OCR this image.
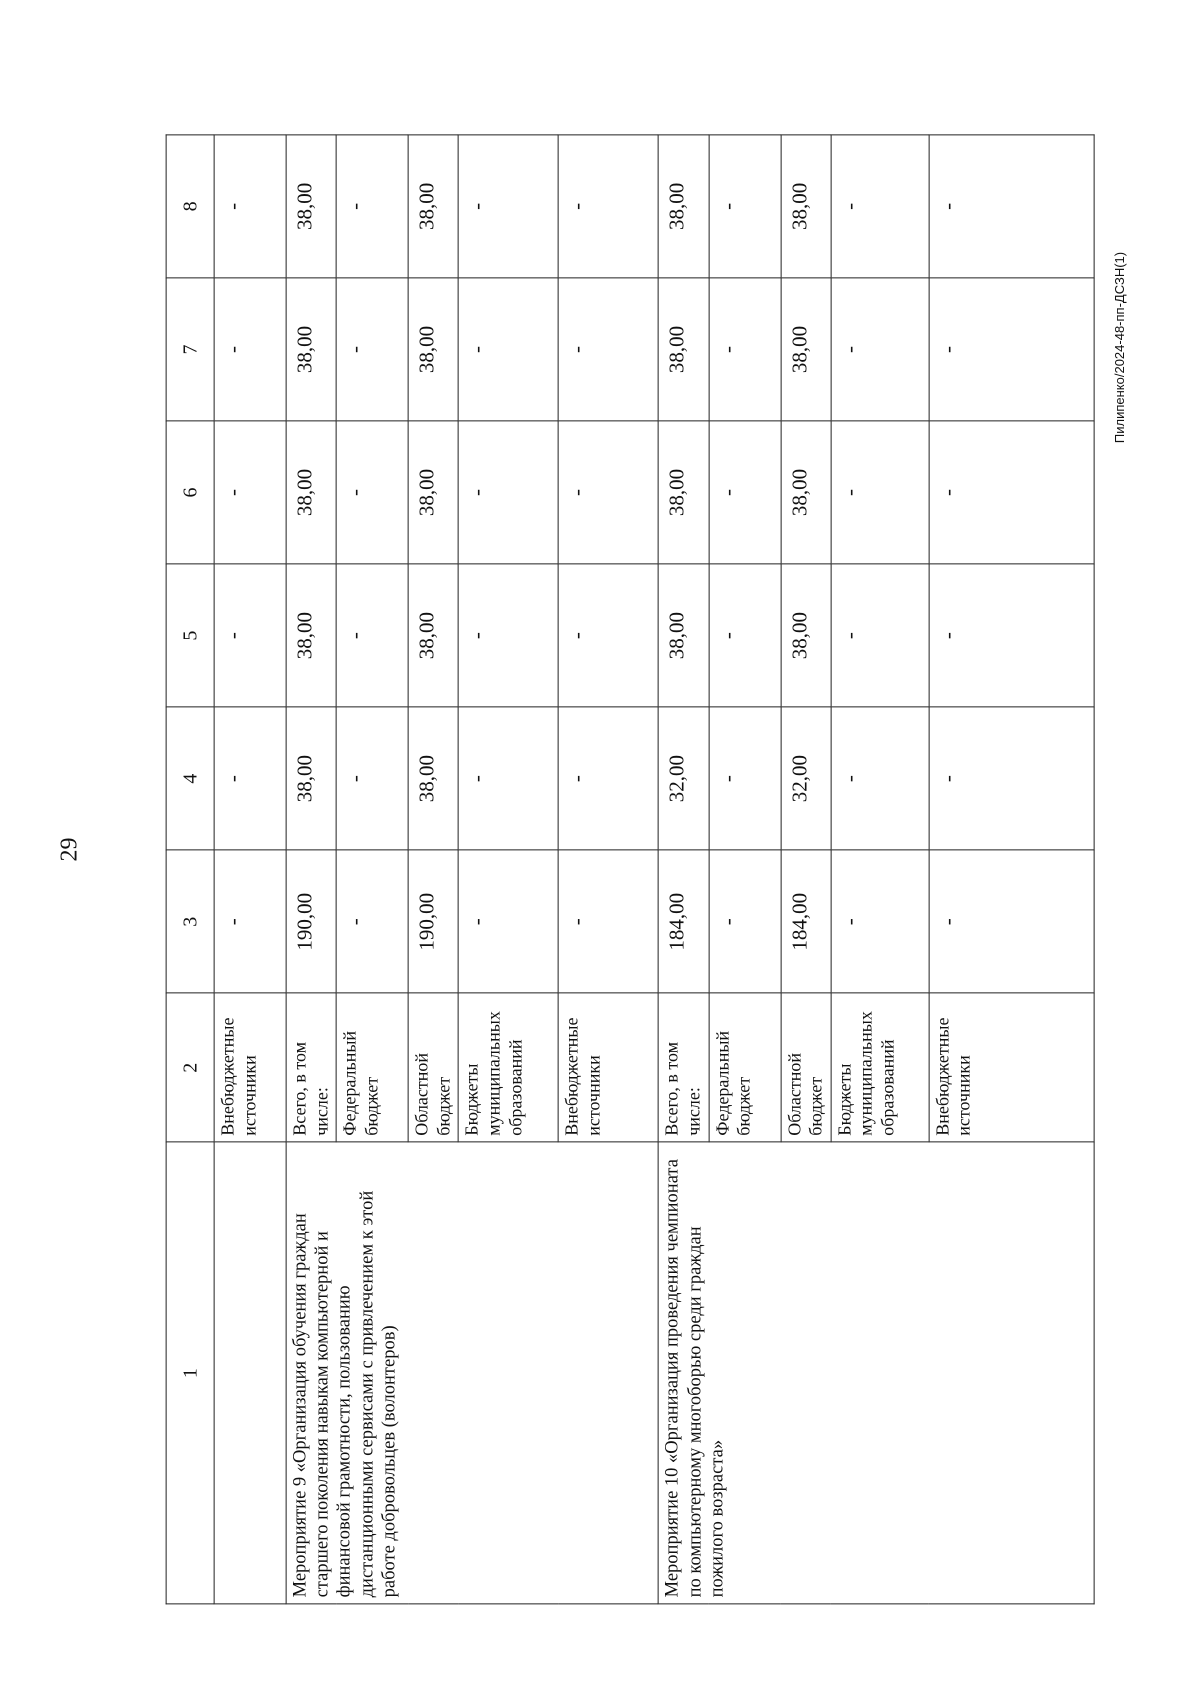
29
Пилипенко/2024-48-пп-ДСЗН(1)
1	2	3	4	5	6	7	8
	Внебюджетные источники	-	-	-	-	-	-
Мероприятие 9 «Организация обучения граждан старшего поколения навыкам компьютерной и финансовой грамотности, пользованию дистанционными сервисами с привлечением к этой работе добровольцев (волонтеров)	Всего, в том числе:	190,00	38,00	38,00	38,00	38,00	38,00
	Федеральный бюджет	-	-	-	-	-	-
	Областной бюджет	190,00	38,00	38,00	38,00	38,00	38,00
	Бюджеты муниципальных образований	-	-	-	-	-	-
	Внебюджетные источники	-	-	-	-	-	-
Мероприятие 10 «Организация проведения чемпионата по компьютерному многоборью среди граждан пожилого возраста»	Всего, в том числе:	184,00	32,00	38,00	38,00	38,00	38,00
	Федеральный бюджет	-	-	-	-	-	-
	Областной бюджет	184,00	32,00	38,00	38,00	38,00	38,00
	Бюджеты муниципальных образований	-	-	-	-	-	-
	Внебюджетные источники	-	-	-	-	-	-
